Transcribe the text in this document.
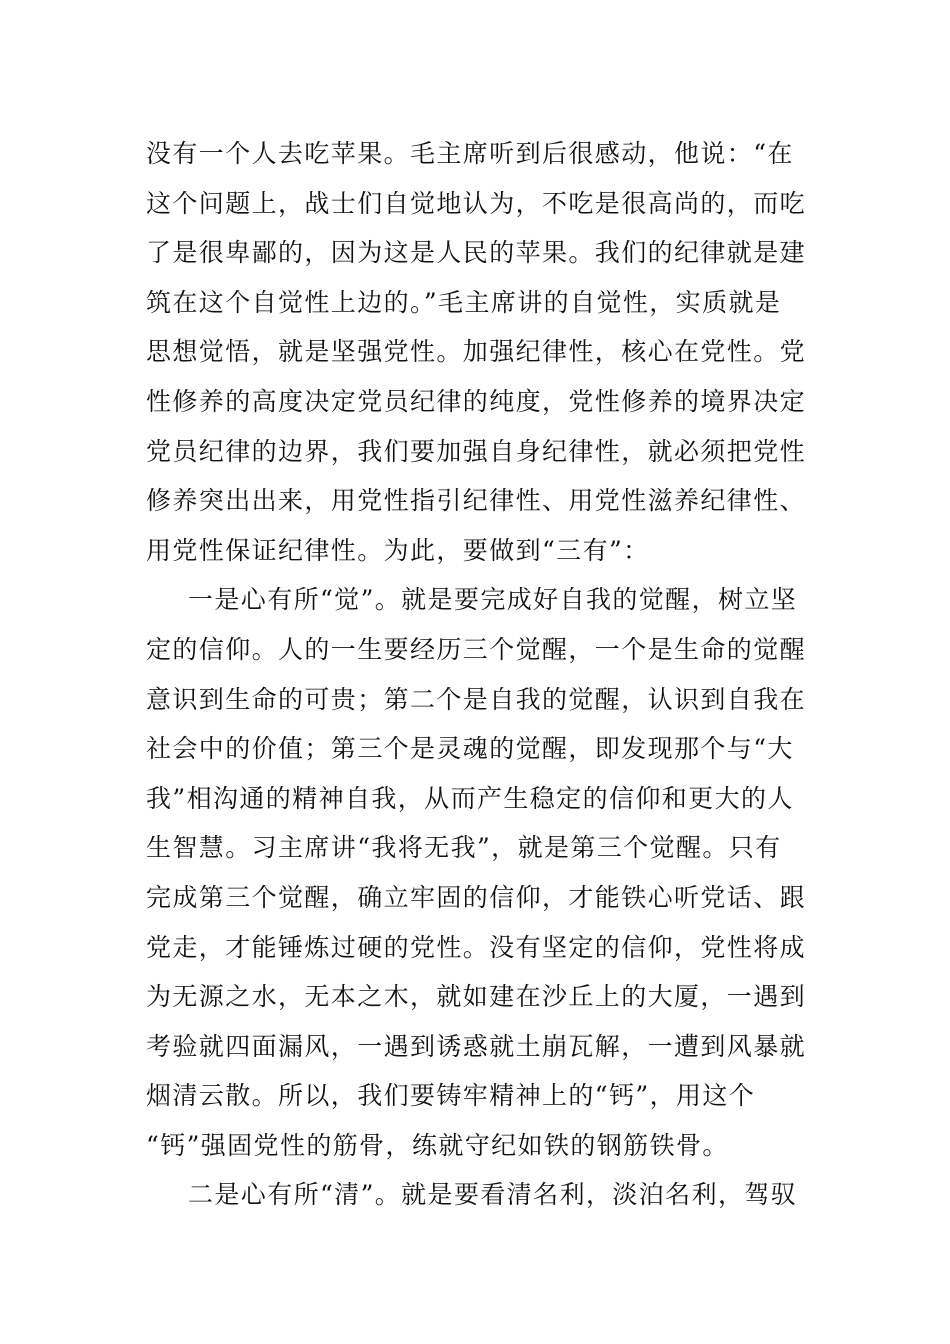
没有一个人去吃苹果。毛主席听到后很感动，他说：“在
这个问题上，战士们自觉地认为，不吃是很高尚的，而吃
了是很卑鄙的，因为这是人民的苹果。我们的纪律就是建
筑在这个自觉性上边的。”毛主席讲的自觉性，实质就是
思想觉悟，就是坚强党性。加强纪律性，核心在党性。党
性修养的高度决定党员纪律的纯度，党性修养的境界决定
党员纪律的边界，我们要加强自身纪律性，就必须把党性
修养突出出来，用党性指引纪律性、用党性滋养纪律性、
用党性保证纪律性。为此，要做到“三有”：
一是心有所“觉”。就是要完成好自我的觉醒，树立坚
定的信仰。人的一生要经历三个觉醒，一个是生命的觉醒
意识到生命的可贵；第二个是自我的觉醒，认识到自我在
社会中的价值；第三个是灵魂的觉醒，即发现那个与“大
我”相沟通的精神自我，从而产生稳定的信仰和更大的人
生智慧。习主席讲“我将无我”，就是第三个觉醒。只有
完成第三个觉醒，确立牢固的信仰，才能铁心听党话、跟
党走，才能锤炼过硬的党性。没有坚定的信仰，党性将成
为无源之水，无本之木，就如建在沙丘上的大厦，一遇到
考验就四面漏风，一遇到诱惑就土崩瓦解，一遭到风暴就
烟清云散。所以，我们要铸牢精神上的“钙”，用这个
“钙”强固党性的筋骨，练就守纪如铁的钢筋铁骨。
二是心有所“清”。就是要看清名利，淡泊名利，驾驭
